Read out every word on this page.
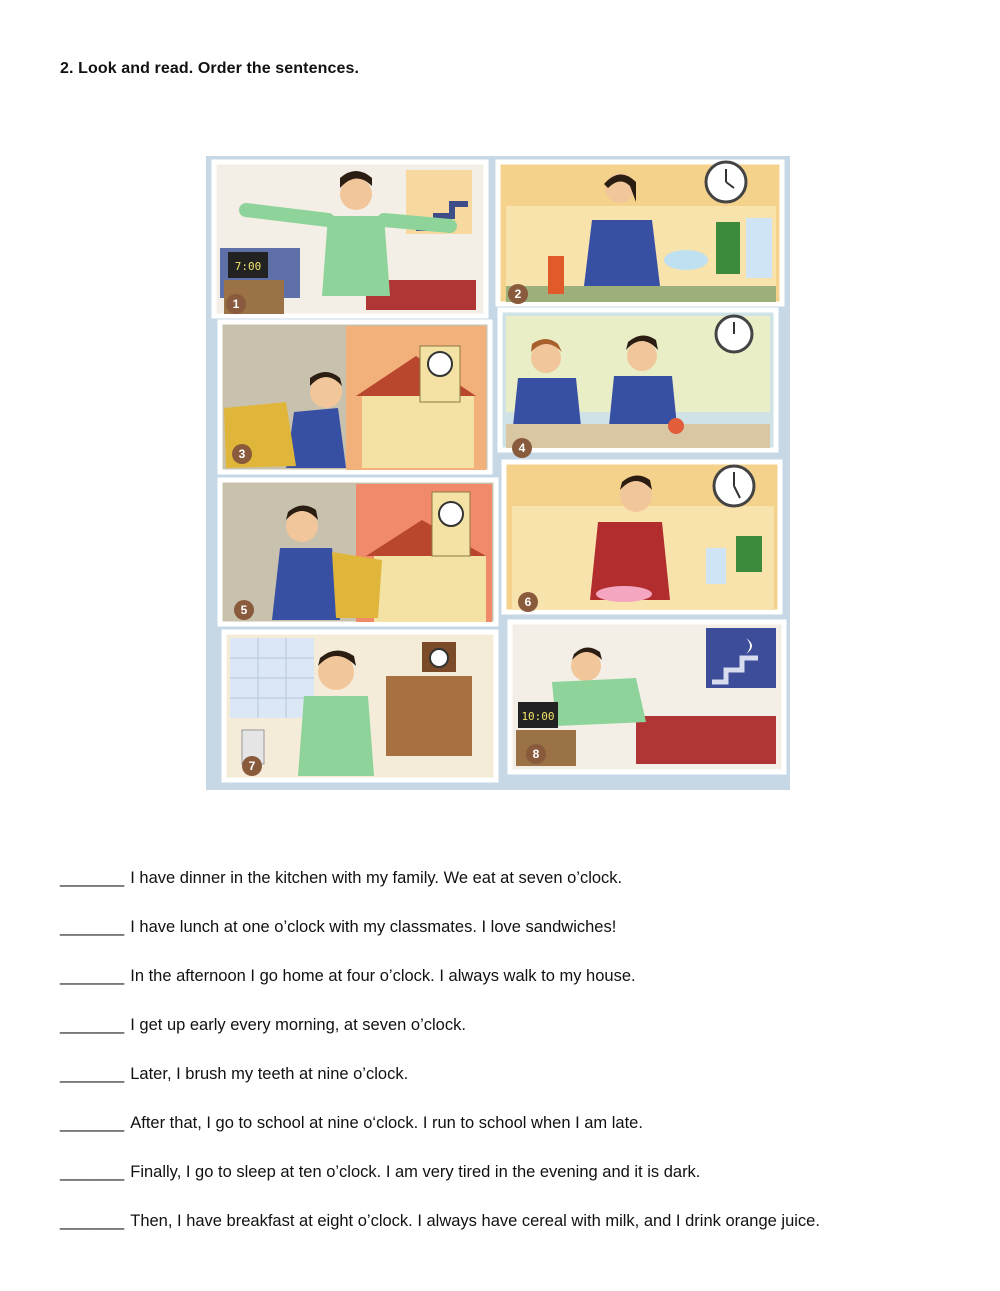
2. Look and read. Order the sentences.
7:00
10:00
1
2
3	4
5
6
7
8
_______ I have dinner in the kitchen with my family. We eat at seven o’clock.
_______ I have lunch at one o’clock with my classmates. I love sandwiches!
_______ In the afternoon I go home at four o’clock. I always walk to my house.
_______ I get up early every morning, at seven o’clock.
_______ Later, I brush my teeth at nine o’clock.
_______ After that, I go to school at nine o‘clock. I run to school when I am late.
_______ Finally, I go to sleep at ten o’clock. I am very tired in the evening and it is dark.
_______ Then, I have breakfast at eight o’clock. I always have cereal with milk, and I drink orange juice.
